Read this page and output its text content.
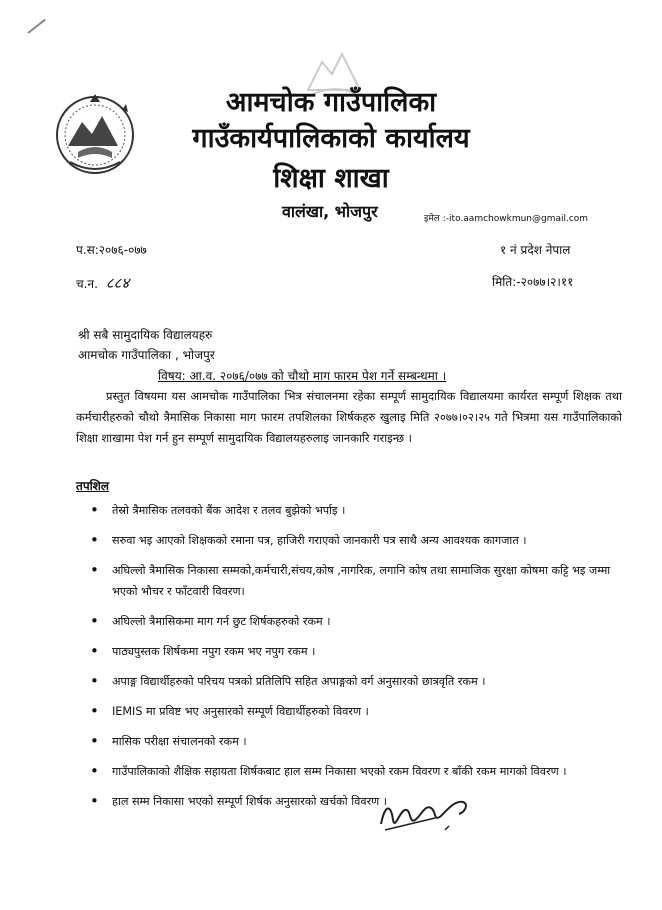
आमचोक गाउँपालिका
गाउँकार्यपालिकाको कार्यालय
शिक्षा शाखा
वालंखा, भोजपुर	इमेल :-ito.aamchowkmun@gmail.com
प.स:२०७६-०७७	१ नं प्रदेश नेपाल
च.न. ८८४	मिति:-२०७७।२।११
श्री सबै सामुदायिक विद्यालयहरु
आमचोक गाउँपालिका , भोजपुर
विषय: आ.व. २०७६/०७७ को चौथो माग फारम पेश गर्ने सम्बन्धमा ।
प्रस्तुत विषयमा यस आमचोक गाउँपालिका भित्र संचालनमा रहेका सम्पूर्ण सामुदायिक विद्यालयमा कार्यरत सम्पूर्ण शिक्षक तथा कर्मचारीहरुको चौथो त्रैमासिक निकासा माग फारम तपशिलका शिर्षकहरु खुलाइ मिति २०७७।०२।२५ गते भित्रमा यस गाउँपालिकाको शिक्षा शाखामा पेश गर्न हुन सम्पूर्ण सामुदायिक विद्यालयहरुलाइ जानकारि गराइन्छ ।
तपशिल
• तेस्रो त्रैमासिक तलवको बैंक आदेश र तलव बुझेको भर्पाइ ।
• सरुवा भइ आएको शिक्षकको रमाना पत्र, हाजिरी गराएको जानकारी पत्र साथै अन्य आवश्यक कागजात ।
• अघिल्लो त्रैमासिक निकासा सम्मको,कर्मचारी,संचय,कोष ,नागरिक, लगानि कोष तथा सामाजिक सुरक्षा कोषमा कट्टि भइ जम्मा भएको भौचर र फाँटवारी विवरण।
• अघिल्लो त्रैमासिकमा माग गर्न छुट शिर्षकहरुको रकम ।
• पाठ्यपुस्तक शिर्षकमा नपुग रकम भए नपुग रकम ।
• अपाङ्ग विद्यार्थीहरुको परिचय पत्रको प्रतिलिपि सहित अपाङ्गको वर्ग अनुसारको छात्रवृति रकम ।
• IEMIS मा प्रविष्ट भए अनुसारको सम्पूर्ण विद्यार्थीहरुको विवरण ।
• मासिक परीक्षा संचालनको रकम ।
• गाउँपालिकाको शैक्षिक सहायता शिर्षकबाट हाल सम्म निकासा भएको रकम विवरण र बाँकी रकम मागको विवरण ।
• हाल सम्म निकासा भएको सम्पूर्ण शिर्षक अनुसारको खर्चको विवरण ।
